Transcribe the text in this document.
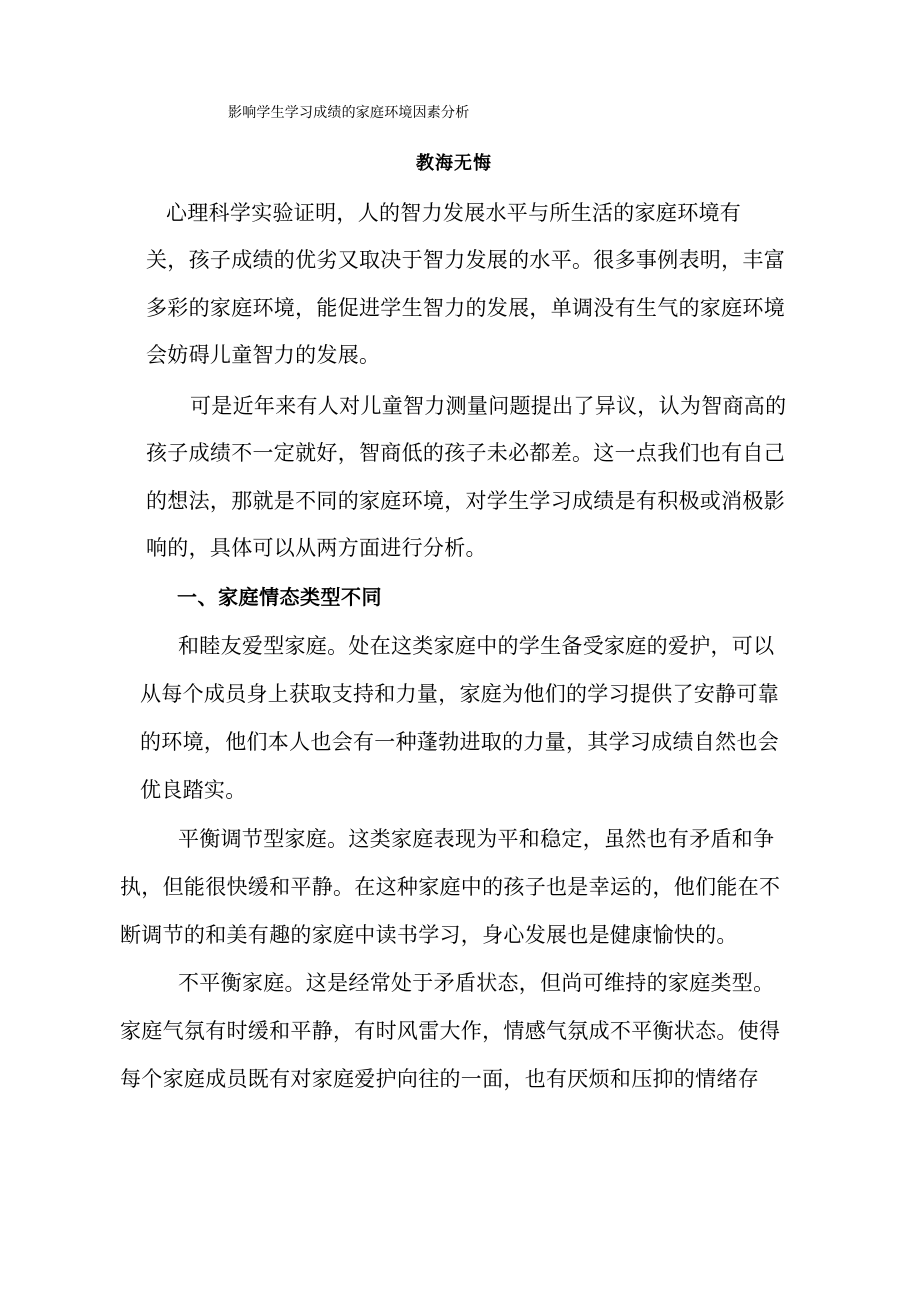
影响学生学习成绩的家庭环境因素分析

教海无悔

心理科学实验证明，人的智力发展水平与所生活的家庭环境有

关，孩子成绩的优劣又取决于智力发展的水平。很多事例表明，丰富

多彩的家庭环境，能促进学生智力的发展，单调没有生气的家庭环境

会妨碍儿童智力的发展。

可是近年来有人对儿童智力测量问题提出了异议，认为智商高的

孩子成绩不一定就好，智商低的孩子未必都差。这一点我们也有自己

的想法，那就是不同的家庭环境，对学生学习成绩是有积极或消极影

响的，具体可以从两方面进行分析。

一、家庭情态类型不同

和睦友爱型家庭。处在这类家庭中的学生备受家庭的爱护，可以

从每个成员身上获取支持和力量，家庭为他们的学习提供了安静可靠

的环境，他们本人也会有一种蓬勃进取的力量，其学习成绩自然也会

优良踏实。

平衡调节型家庭。这类家庭表现为平和稳定，虽然也有矛盾和争

执，但能很快缓和平静。在这种家庭中的孩子也是幸运的，他们能在不

断调节的和美有趣的家庭中读书学习，身心发展也是健康愉快的。

不平衡家庭。这是经常处于矛盾状态，但尚可维持的家庭类型。

家庭气氛有时缓和平静，有时风雷大作，情感气氛成不平衡状态。使得

每个家庭成员既有对家庭爱护向往的一面，也有厌烦和压抑的情绪存
